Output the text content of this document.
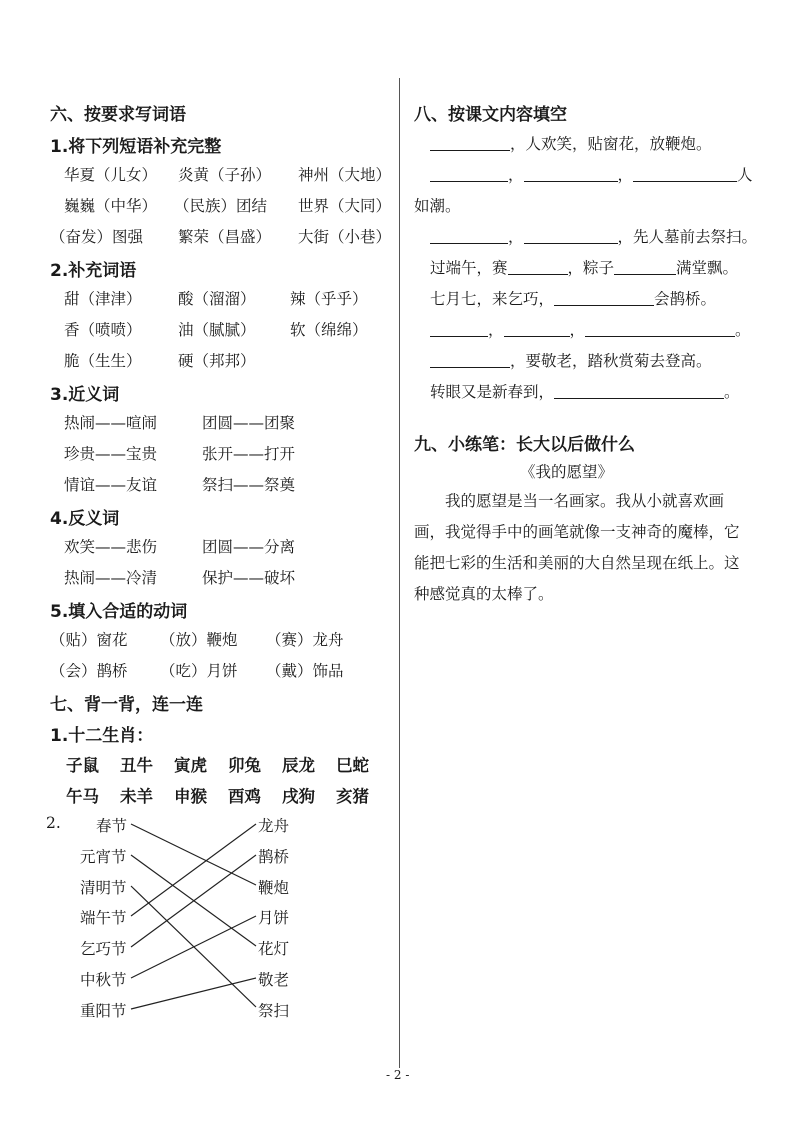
六、按要求写词语
1.将下列短语补充完整
华夏（儿女） 炎黄（子孙） 神州（大地）
巍巍（中华） （民族）团结 世界（大同）
（奋发）图强 繁荣（昌盛） 大街（小巷）
2.补充词语
甜（津津） 酸（溜溜） 辣（乎乎）
香（喷喷） 油（腻腻） 软（绵绵）
脆（生生） 硬（邦邦）
3.近义词
热闹——喧闹	团圆——团聚
珍贵——宝贵	张开——打开
情谊——友谊	祭扫——祭奠
4.反义词
欢笑——悲伤	团圆——分离
热闹——冷清	保护——破坏
5.填入合适的动词
（贴）窗花 （放）鞭炮 （赛）龙舟
（会）鹊桥 （吃）月饼 （戴）饰品
七、背一背，连一连
1.十二生肖：
子鼠 丑牛 寅虎 卯兔 辰龙 巳蛇
午马 未羊 申猴 酉鸡 戌狗 亥猪
2. 春节
元宵节
清明节
端午节
乞巧节
中秋节
重阳节
龙舟
鹊桥
鞭炮
月饼
花灯
敬老
祭扫
八、按课文内容填空
，人欢笑，贴窗花，放鞭炮。
，	，	人
如潮。
，	，先人墓前去祭扫。
过端午，赛	，粽子	满堂飘。
七月七，来乞巧，	会鹊桥。
，	，	。
，要敬老，踏秋赏菊去登高。
转眼又是新春到，	。
九、小练笔：长大以后做什么
《我的愿望》
我的愿望是当一名画家。我从小就喜欢画画，我觉得手中的画笔就像一支神奇的魔棒，它能把七彩的生活和美丽的大自然呈现在纸上。这种感觉真的太棒了。
- 2 -
